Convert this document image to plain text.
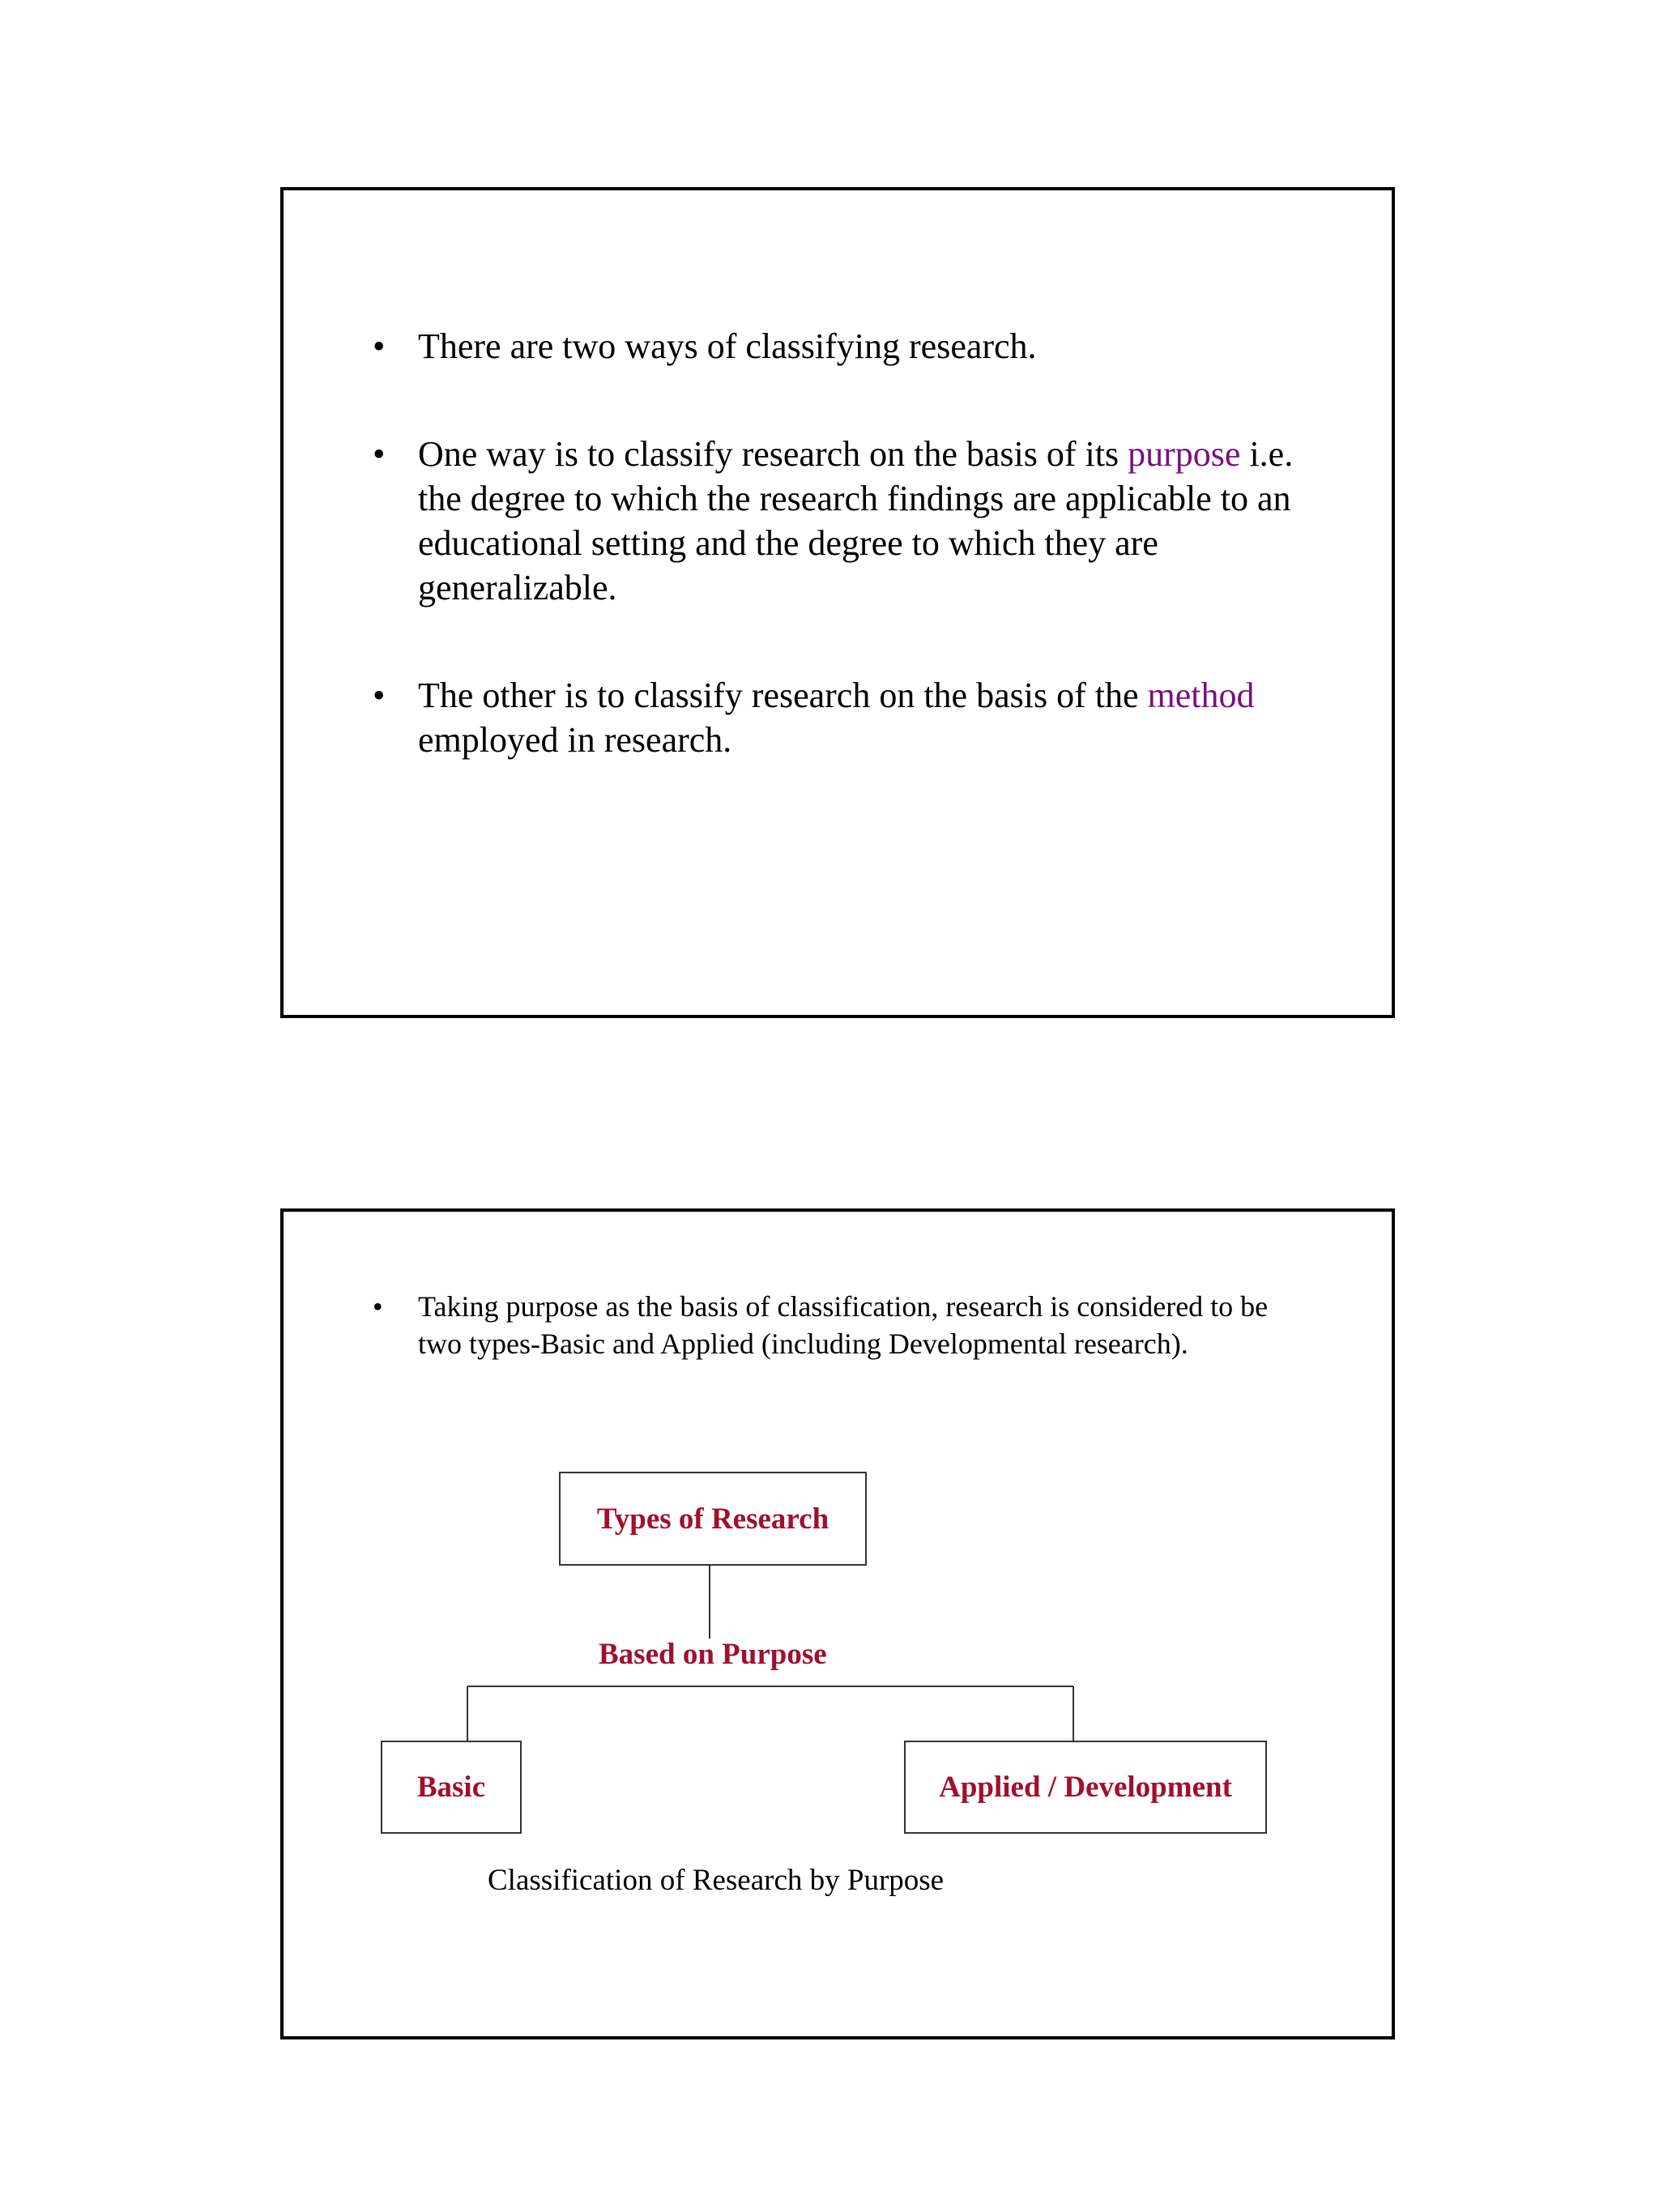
• There are two ways of classifying research.
• One way is to classify research on the basis of its purpose i.e. the degree to which the research findings are applicable to an educational setting and the degree to which they are generalizable.
• The other is to classify research on the basis of the method employed in research.
• Taking purpose as the basis of classification, research is considered to be two types-Basic and Applied (including Developmental research).
Types of Research
Based on Purpose
Basic	Applied / Development
Classification of Research by Purpose
